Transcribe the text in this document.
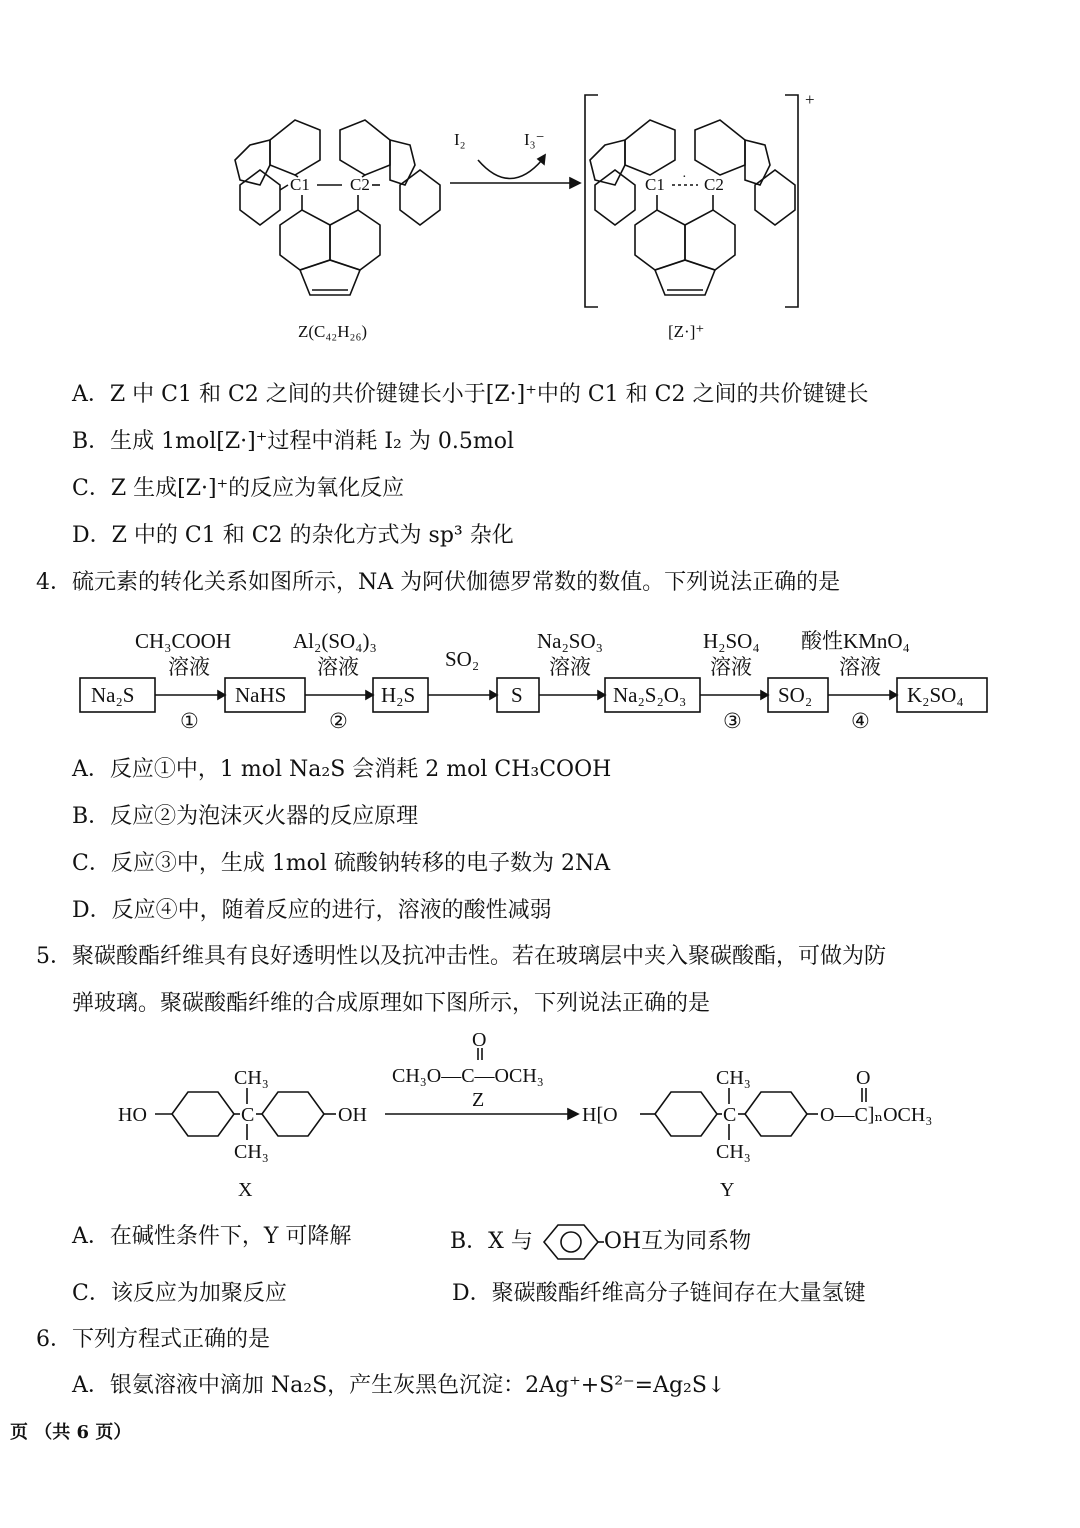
C1 C2	C1 C2
·
I₂	I₃⁻
+
Z(C₄₂H₂₆)	[Z·]⁺
A．Z 中 C1 和 C2 之间的共价键键长小于[Z·]⁺中的 C1 和 C2 之间的共价键键长
B．生成 1mol[Z·]⁺过程中消耗 I₂ 为 0.5mol
C．Z 生成[Z·]⁺的反应为氧化反应
D．Z 中的 C1 和 C2 的杂化方式为 sp³ 杂化
4．硫元素的转化关系如图所示，NA 为阿伏伽德罗常数的数值。下列说法正确的是
Na₂S	NaHS	H₂S	S	Na₂S₂O₃	SO₂	K₂SO₄
CH₃COOH
溶液
①
Al₂(SO₄)₃
溶液
②
SO₂
Na₂SO₃
溶液
H₂SO₄
溶液
③
酸性KMnO₄
溶液
④
A．反应①中，1 mol Na₂S 会消耗 2 mol CH₃COOH
B．反应②为泡沫灭火器的反应原理
C．反应③中，生成 1mol 硫酸钠转移的电子数为 2NA
D．反应④中，随着反应的进行，溶液的酸性减弱
5．聚碳酸酯纤维具有良好透明性以及抗冲击性。若在玻璃层中夹入聚碳酸酯，可做为防
弹玻璃。聚碳酸酯纤维的合成原理如下图所示，下列说法正确的是
HO	C
CH₃
CH₃
OH
X
O
CH₃O—C—OCH₃
Z
H[O	C
CH₃
CH₃
O—C]ₙOCH₃
O
Y
A．在碱性条件下，Y 可降解	B．X 与	OH互为同系物
C．该反应为加聚反应	D．聚碳酸酯纤维高分子链间存在大量氢键
6．下列方程式正确的是
A．银氨溶液中滴加 Na₂S，产生灰黑色沉淀：2Ag⁺+S²⁻=Ag₂S↓
页 （共 6 页）
